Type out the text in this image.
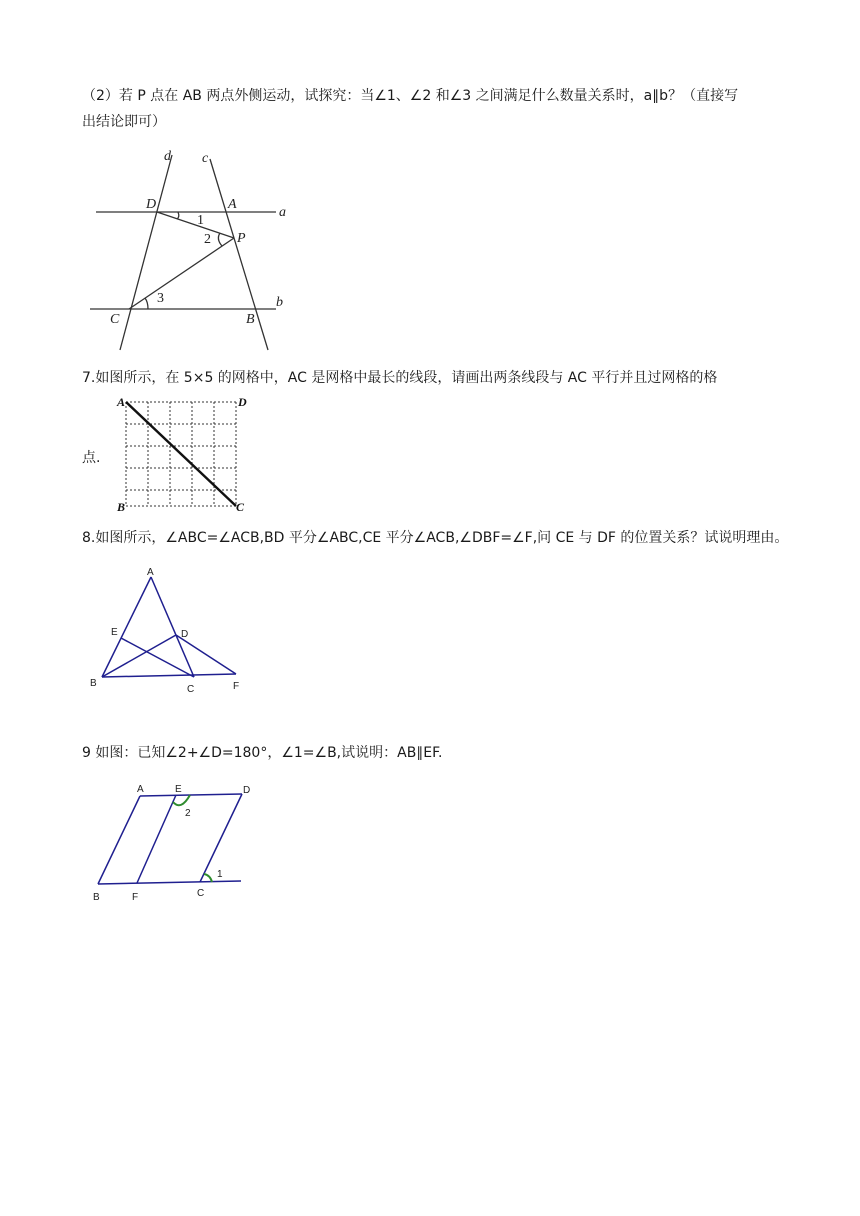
（2）若 P 点在 AB 两点外侧运动，试探究：当∠1、∠2 和∠3 之间满足什么数量关系时，a∥b？（直接写
出结论即可）
d c
D	A
a
P
C	B
b
1
2
3
7.如图所示，在 5×5 的网格中，AC 是网格中最长的线段，请画出两条线段与 AC 平行并且过网格的格
点.
A	D
B	C
8.如图所示，∠ABC=∠ACB,BD 平分∠ABC,CE 平分∠ACB,∠DBF=∠F,问 CE 与 DF 的位置关系？试说明理由。
A
E	D
B
C	F
9 如图：已知∠2+∠D=180°，∠1=∠B,试说明：AB∥EF.
A	E	D
2
B	F	C
1
